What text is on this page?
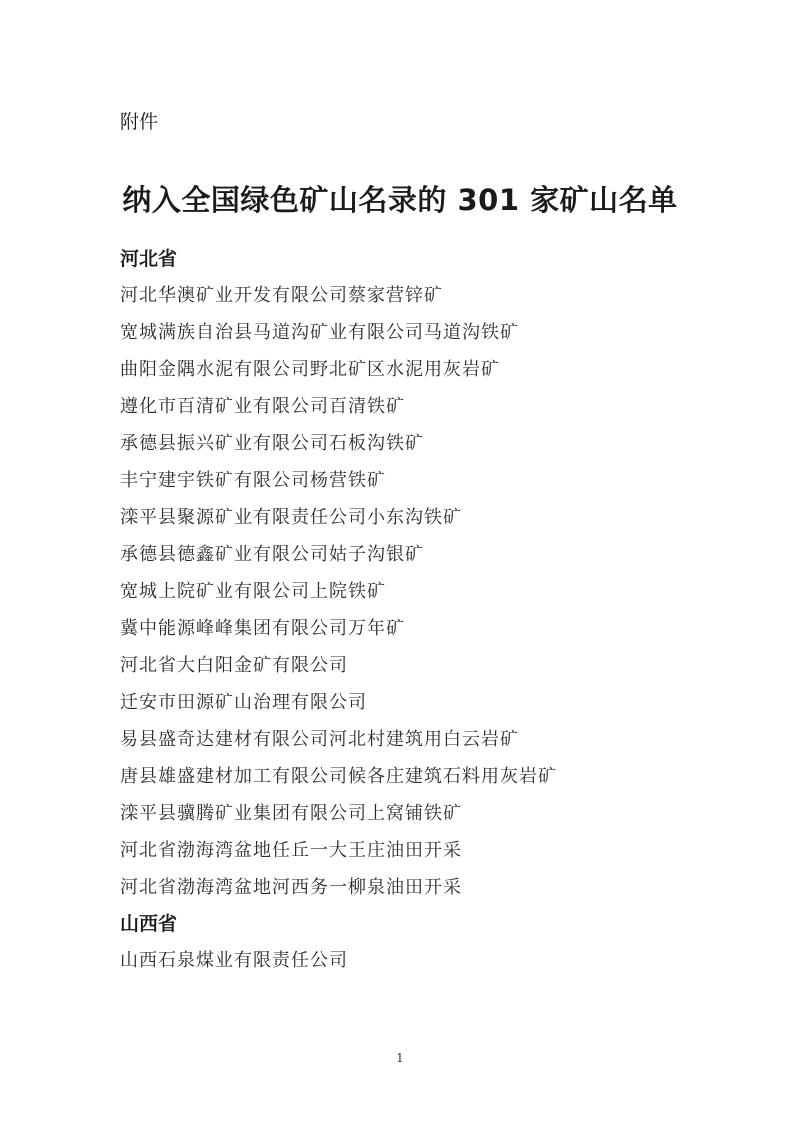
附件
纳入全国绿色矿山名录的 301 家矿山名单
河北省
河北华澳矿业开发有限公司蔡家营锌矿
宽城满族自治县马道沟矿业有限公司马道沟铁矿
曲阳金隅水泥有限公司野北矿区水泥用灰岩矿
遵化市百清矿业有限公司百清铁矿
承德县振兴矿业有限公司石板沟铁矿
丰宁建宇铁矿有限公司杨营铁矿
滦平县聚源矿业有限责任公司小东沟铁矿
承德县德鑫矿业有限公司姑子沟银矿
宽城上院矿业有限公司上院铁矿
冀中能源峰峰集团有限公司万年矿
河北省大白阳金矿有限公司
迁安市田源矿山治理有限公司
易县盛奇达建材有限公司河北村建筑用白云岩矿
唐县雄盛建材加工有限公司候各庄建筑石料用灰岩矿
滦平县骥腾矿业集团有限公司上窝铺铁矿
河北省渤海湾盆地任丘一大王庄油田开采
河北省渤海湾盆地河西务一柳泉油田开采
山西省
山西石泉煤业有限责任公司
1
